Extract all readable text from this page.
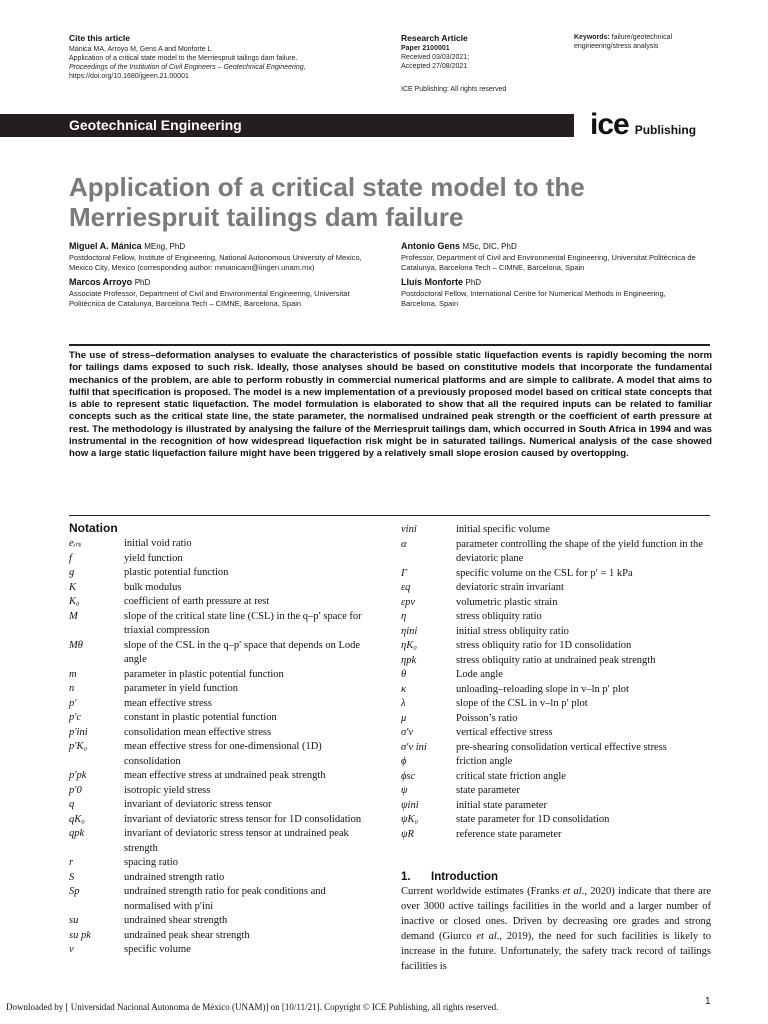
Cite this article
Mánica MA, Arroyo M, Gens A and Monforte L
Application of a critical state model to the Merriespruit tailings dam failure.
Proceedings of the Institution of Civil Engineers – Geotechnical Engineering,
https://doi.org/10.1680/jgeen.21.00001
Research Article
Paper 2100001
Received 03/03/2021;
Accepted 27/08/2021
ICE Publishing: All rights reserved
Keywords: failure/geotechnical engineering/stress analysis
Geotechnical Engineering	ice Publishing
Application of a critical state model to the Merriespruit tailings dam failure
Miguel A. Mánica MEng, PhD
Postdoctoral Fellow, Institute of Engineering, National Autonomous University of Mexico, Mexico City, Mexico (corresponding author: mmanicam@iingen.unam.mx)
Marcos Arroyo PhD
Associate Professor, Department of Civil and Environmental Engineering, Universitat Politècnica de Catalunya, Barcelona Tech – CIMNE, Barcelona, Spain
Antonio Gens MSc, DIC, PhD
Professor, Department of Civil and Environmental Engineering, Universitat Politècnica de Catalunya, Barcelona Tech – CIMNE, Barcelona, Spain
Lluís Monforte PhD
Postdoctoral Fellow, International Centre for Numerical Methods in Engineering, Barcelona, Spain
The use of stress–deformation analyses to evaluate the characteristics of possible static liquefaction events is rapidly becoming the norm for tailings dams exposed to such risk. Ideally, those analyses should be based on constitutive models that incorporate the fundamental mechanics of the problem, are able to perform robustly in commercial numerical platforms and are simple to calibrate. A model that aims to fulfil that specification is proposed. The model is a new implementation of a previously proposed model based on critical state concepts that is able to represent static liquefaction. The model formulation is elaborated to show that all the required inputs can be related to familiar concepts such as the critical state line, the state parameter, the normalised undrained peak strength or the coefficient of earth pressure at rest. The methodology is illustrated by analysing the failure of the Merriespruit tailings dam, which occurred in South Africa in 1994 and was instrumental in the recognition of how widespread liquefaction risk might be in saturated tailings. Numerical analysis of the case showed how a large static liquefaction failure might have been triggered by a relatively small slope erosion caused by overtopping.
Notation
eᵢₙᵢ	initial void ratio
f	yield function
g	plastic potential function
K	bulk modulus
K₀	coefficient of earth pressure at rest
M	slope of the critical state line (CSL) in the q–p′ space for triaxial compression
Mθ	slope of the CSL in the q–p′ space that depends on Lode angle
m	parameter in plastic potential function
n	parameter in yield function
p′	mean effective stress
p′c	constant in plastic potential function
p′ini	consolidation mean effective stress
p′K₀	mean effective stress for one-dimensional (1D) consolidation
p′pk	mean effective stress at undrained peak strength
p′0	isotropic yield stress
q	invariant of deviatoric stress tensor
qK₀	invariant of deviatoric stress tensor for 1D consolidation
qpk	invariant of deviatoric stress tensor at undrained peak strength
r	spacing ratio
S	undrained strength ratio
Sp	undrained strength ratio for peak conditions and normalised with p′ini
su	undrained shear strength
su pk	undrained peak shear strength
v	specific volume
vini	initial specific volume
α	parameter controlling the shape of the yield function in the deviatoric plane
Γ	specific volume on the CSL for p′ = 1 kPa
εq	deviatoric strain invariant
εpv	volumetric plastic strain
η	stress obliquity ratio
ηini	initial stress obliquity ratio
ηK₀	stress obliquity ratio for 1D consolidation
ηpk	stress obliquity ratio at undrained peak strength
θ	Lode angle
κ	unloading–reloading slope in v–ln p′ plot
λ	slope of the CSL in v–ln p′ plot
μ	Poisson’s ratio
σ′v	vertical effective stress
σ′v ini	pre-shearing consolidation vertical effective stress
ϕ	friction angle
ϕsc	critical state friction angle
ψ	state parameter
ψini	initial state parameter
ψK₀	state parameter for 1D consolidation
ψR	reference state parameter
1. Introduction
Current worldwide estimates (Franks et al., 2020) indicate that there are over 3000 active tailings facilities in the world and a larger number of inactive or closed ones. Driven by decreasing ore grades and strong demand (Giurco et al., 2019), the need for such facilities is likely to increase in the future. Unfortunately, the safety track record of tailings facilities is
Downloaded by [ Universidad Nacional Autonoma de México (UNAM)] on [10/11/21]. Copyright © ICE Publishing, all rights reserved.	1
